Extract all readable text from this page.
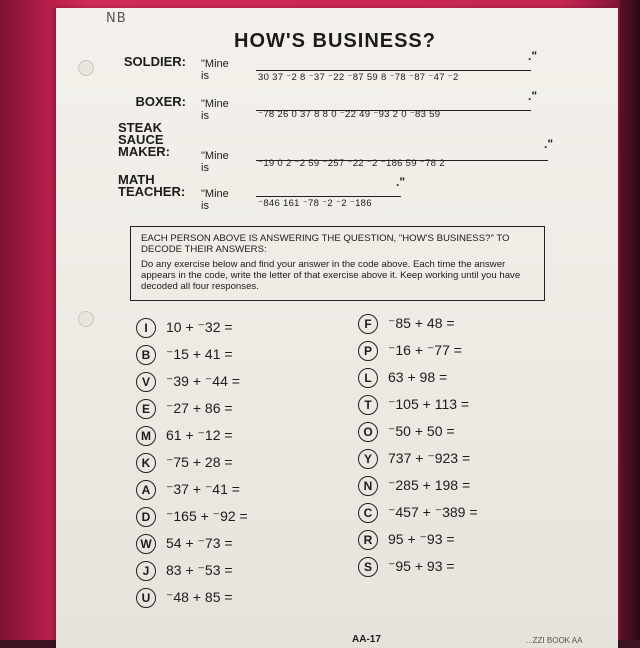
NB
HOW'S BUSINESS?
SOLDIER: "Mine is	30 37 ⁻2 8 ⁻37 ⁻22 ⁻87 59 8 ⁻78 ⁻87 ⁻47 ⁻2
."
BOXER: "Mine is	⁻78 26 0 37 8 8 0 ⁻22 49 ⁻93 2 0 ⁻83 59
."
STEAK
SAUCE
MAKER:	"Mine is	⁻19 0 2 ⁻2 59 ⁻257 ⁻22 ⁻2 ⁻186 59 ⁻78 2
."
MATH
TEACHER:	"Mine is	⁻846 161 ⁻78 ⁻2 ⁻2 ⁻186
."

EACH PERSON ABOVE IS ANSWERING THE QUESTION, "HOW'S BUSINESS?" TO DECODE THEIR ANSWERS:

Do any exercise below and find your answer in the code above. Each time the answer appears in the code, write the letter of that exercise above it. Keep working until you have decoded all four responses.

I	10 + ⁻32 =
B	⁻15 + 41 =
V	⁻39 + ⁻44 =
E	⁻27 + 86 =
M	61 + ⁻12 =
K	⁻75 + 28 =
A	⁻37 + ⁻41 =
D	⁻165 + ⁻92 =
W	54 + ⁻73 =
J	83 + ⁻53 =
U	⁻48 + 85 =
F	⁻85 + 48 =
P	⁻16 + ⁻77 =
L	63 + 98 =
T	⁻105 + 113 =
O	⁻50 + 50 =
Y	737 + ⁻923 =
N	⁻285 + 198 =
C	⁻457 + ⁻389 =
R	95 + ⁻93 =
S	⁻95 + 93 =
AA-17	...ZZI BOOK AA
